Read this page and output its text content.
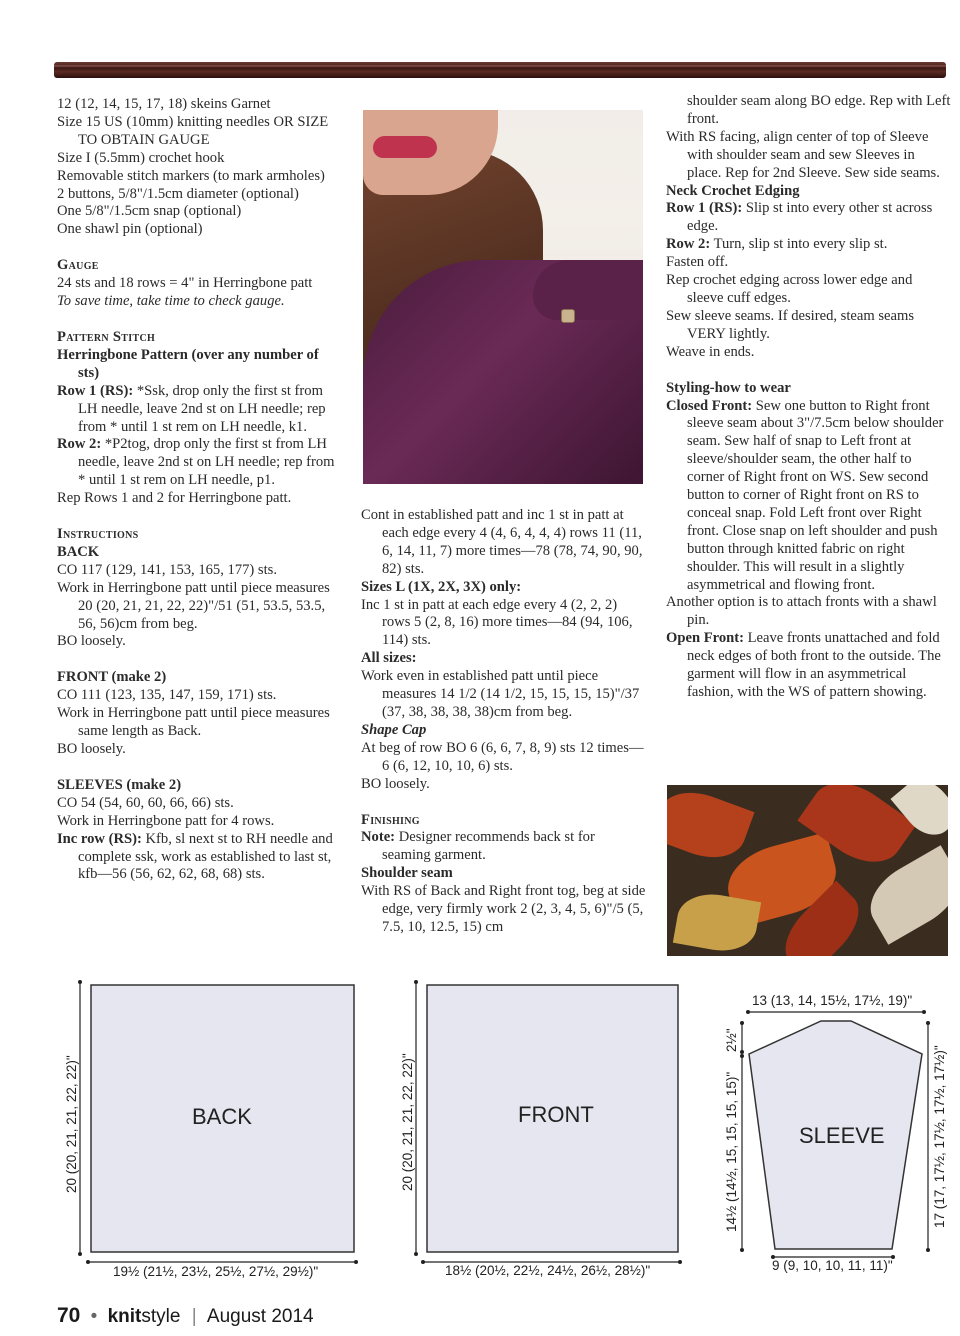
12 (12, 14, 15, 17, 18) skeins Garnet
Size 15 US (10mm) knitting needles OR SIZE TO OBTAIN GAUGE
Size I (5.5mm) crochet hook
Removable stitch markers (to mark armholes)
2 buttons, 5/8"/1.5cm diameter (optional)
One 5/8"/1.5cm snap (optional)
One shawl pin (optional)
Gauge
24 sts and 18 rows = 4" in Herringbone patt
To save time, take time to check gauge.
Pattern Stitch
Herringbone Pattern (over any number of sts)
Row 1 (RS): *Ssk, drop only the first st from LH needle, leave 2nd st on LH needle; rep from * until 1 st rem on LH needle, k1.
Row 2: *P2tog, drop only the first st from LH needle, leave 2nd st on LH needle; rep from * until 1 st rem on LH needle, p1.
Rep Rows 1 and 2 for Herringbone patt.
Instructions
BACK
CO 117 (129, 141, 153, 165, 177) sts.
Work in Herringbone patt until piece measures 20 (20, 21, 21, 22, 22)"/51 (51, 53.5, 53.5, 56, 56)cm from beg.
BO loosely.
FRONT (make 2)
CO 111 (123, 135, 147, 159, 171) sts.
Work in Herringbone patt until piece measures same length as Back.
BO loosely.
SLEEVES (make 2)
CO 54 (54, 60, 60, 66, 66) sts.
Work in Herringbone patt for 4 rows.
Inc row (RS): Kfb, sl next st to RH needle and complete ssk, work as established to last st, kfb—56 (56, 62, 62, 68, 68) sts.
Cont in established patt and inc 1 st in patt at each edge every 4 (4, 6, 4, 4, 4) rows 11 (11, 6, 14, 11, 7) more times—78 (78, 74, 90, 90, 82) sts.
Sizes L (1X, 2X, 3X) only:
Inc 1 st in patt at each edge every 4 (2, 2, 2) rows 5 (2, 8, 16) more times—84 (94, 106, 114) sts.
All sizes:
Work even in established patt until piece measures 14 1/2 (14 1/2, 15, 15, 15, 15)"/37 (37, 38, 38, 38, 38)cm from beg.
Shape Cap
At beg of row BO 6 (6, 6, 7, 8, 9) sts 12 times—6 (6, 12, 10, 10, 6) sts.
BO loosely.
Finishing
Note: Designer recommends back st for seaming garment.
Shoulder seam
With RS of Back and Right front tog, beg at side edge, very firmly work 2 (2, 3, 4, 5, 6)"/5 (5, 7.5, 10, 12.5, 15) cm
shoulder seam along BO edge. Rep with Left front.
With RS facing, align center of top of Sleeve with shoulder seam and sew Sleeves in place. Rep for 2nd Sleeve. Sew side seams.
Neck Crochet Edging
Row 1 (RS): Slip st into every other st across edge.
Row 2: Turn, slip st into every slip st.
Fasten off.
Rep crochet edging across lower edge and sleeve cuff edges.
Sew sleeve seams. If desired, steam seams VERY lightly.
Weave in ends.
Styling-how to wear
Closed Front: Sew one button to Right front sleeve seam about 3"/7.5cm below shoulder seam. Sew half of snap to Left front at sleeve/shoulder seam, the other half to corner of Right front on WS. Sew second button to corner of Right front on RS to conceal snap. Fold Left front over Right front. Close snap on left shoulder and push button through knitted fabric on right shoulder. This will result in a slightly asymmetrical and flowing front.
Another option is to attach fronts with a shawl pin.
Open Front: Leave fronts unattached and fold neck edges of both front to the outside. The garment will flow in an asymmetrical fashion, with the WS of pattern showing.
BACK
20 (20, 21, 21, 22, 22)"
19½ (21½, 23½, 25½, 27½, 29½)"
FRONT
20 (20, 21, 21, 22, 22)"
18½ (20½, 22½, 24½, 26½, 28½)"
SLEEVE
13 (13, 14, 15½, 17½, 19)"
2½"
14½ (14½, 15, 15, 15, 15)"	17 (17, 17½, 17½, 17½, 17½)"
9 (9, 10, 10, 11, 11)"
70 • knitstyle | August 2014
